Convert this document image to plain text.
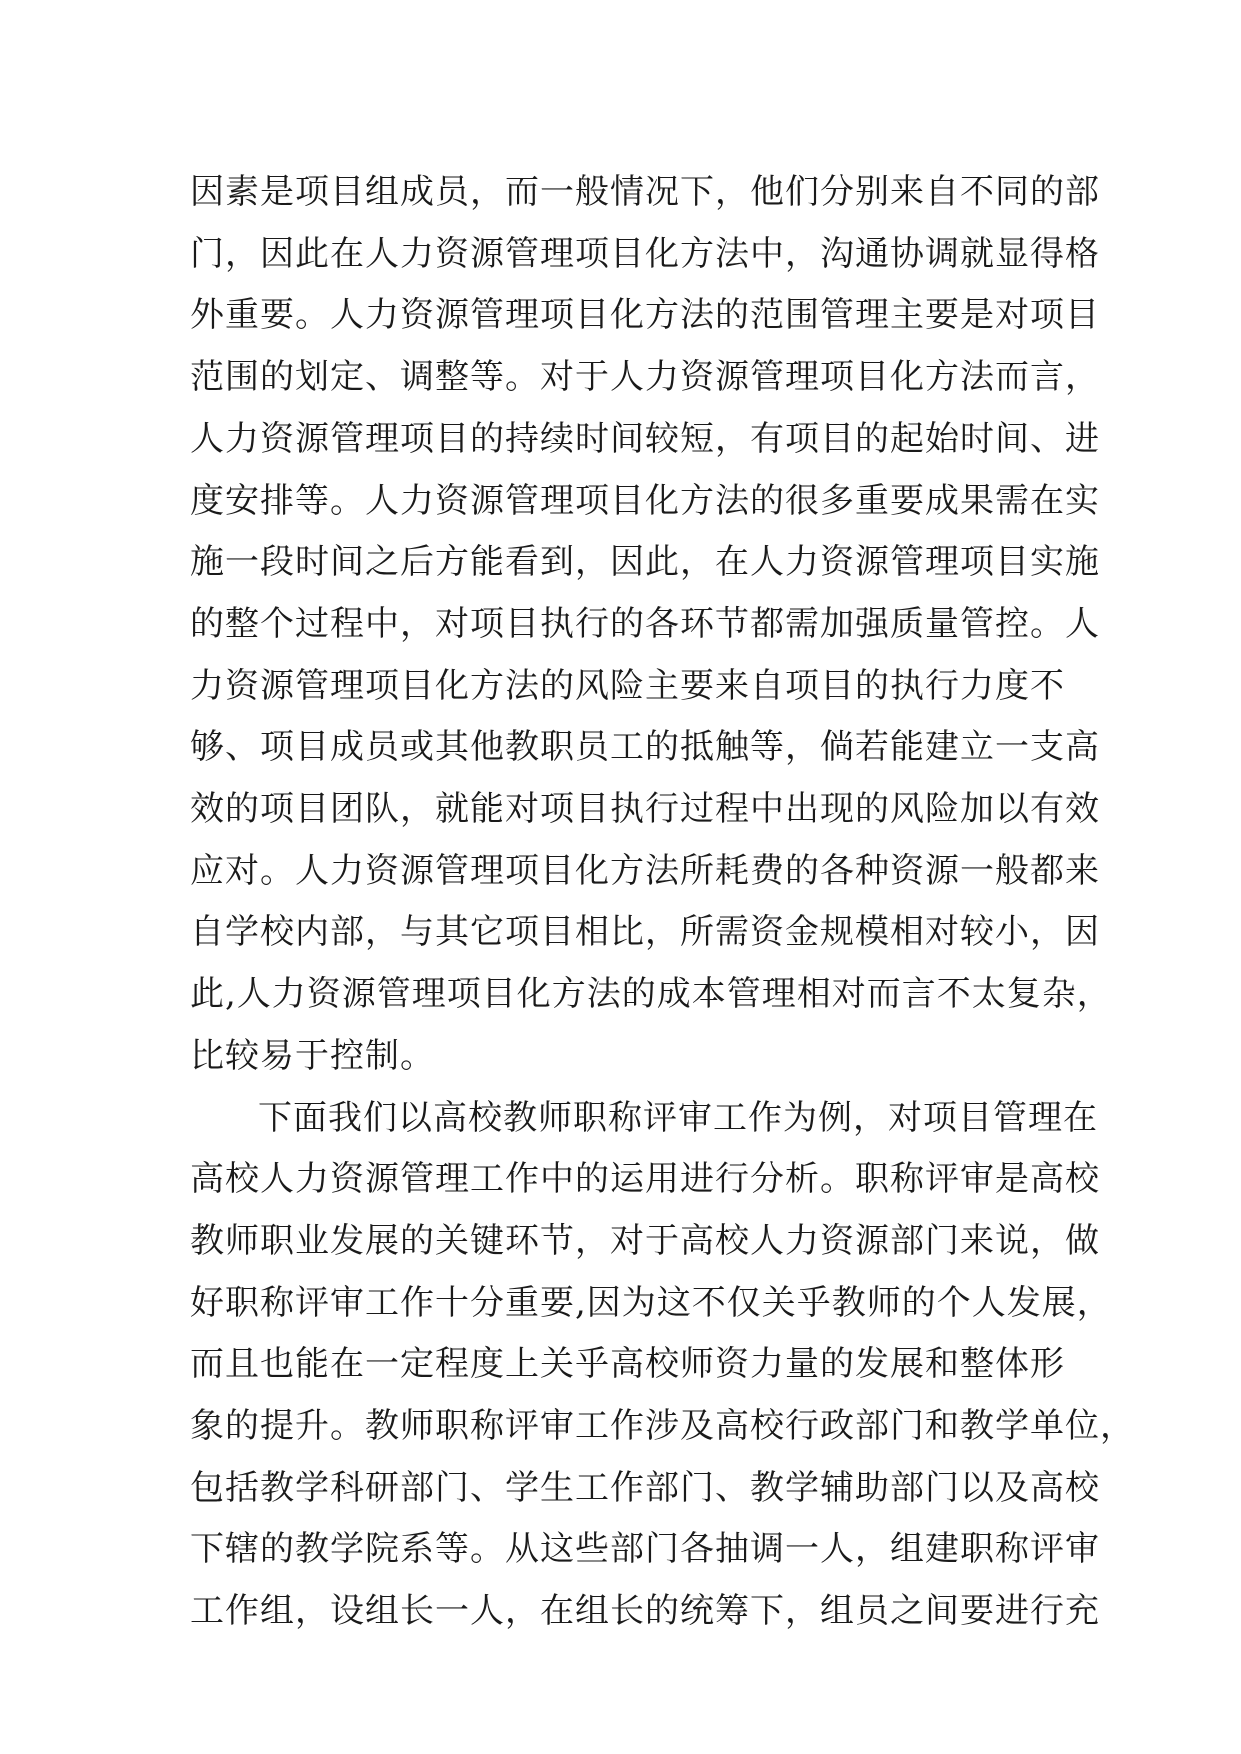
因素是项目组成员，而一般情况下，他们分别来自不同的部
门，因此在人力资源管理项目化方法中，沟通协调就显得格
外重要。人力资源管理项目化方法的范围管理主要是对项目
范围的划定、调整等。对于人力资源管理项目化方法而言，
人力资源管理项目的持续时间较短，有项目的起始时间、进
度安排等。人力资源管理项目化方法的很多重要成果需在实
施一段时间之后方能看到，因此，在人力资源管理项目实施
的整个过程中，对项目执行的各环节都需加强质量管控。人
力资源管理项目化方法的风险主要来自项目的执行力度不
够、项目成员或其他教职员工的抵触等，倘若能建立一支高
效的项目团队，就能对项目执行过程中出现的风险加以有效
应对。人力资源管理项目化方法所耗费的各种资源一般都来
自学校内部，与其它项目相比，所需资金规模相对较小，因
此,人力资源管理项目化方法的成本管理相对而言不太复杂，
比较易于控制。
下面我们以高校教师职称评审工作为例，对项目管理在
高校人力资源管理工作中的运用进行分析。职称评审是高校
教师职业发展的关键环节，对于高校人力资源部门来说，做
好职称评审工作十分重要,因为这不仅关乎教师的个人发展，
而且也能在一定程度上关乎高校师资力量的发展和整体形
象的提升。教师职称评审工作涉及高校行政部门和教学单位，
包括教学科研部门、学生工作部门、教学辅助部门以及高校
下辖的教学院系等。从这些部门各抽调一人，组建职称评审
工作组，设组长一人，在组长的统筹下，组员之间要进行充
